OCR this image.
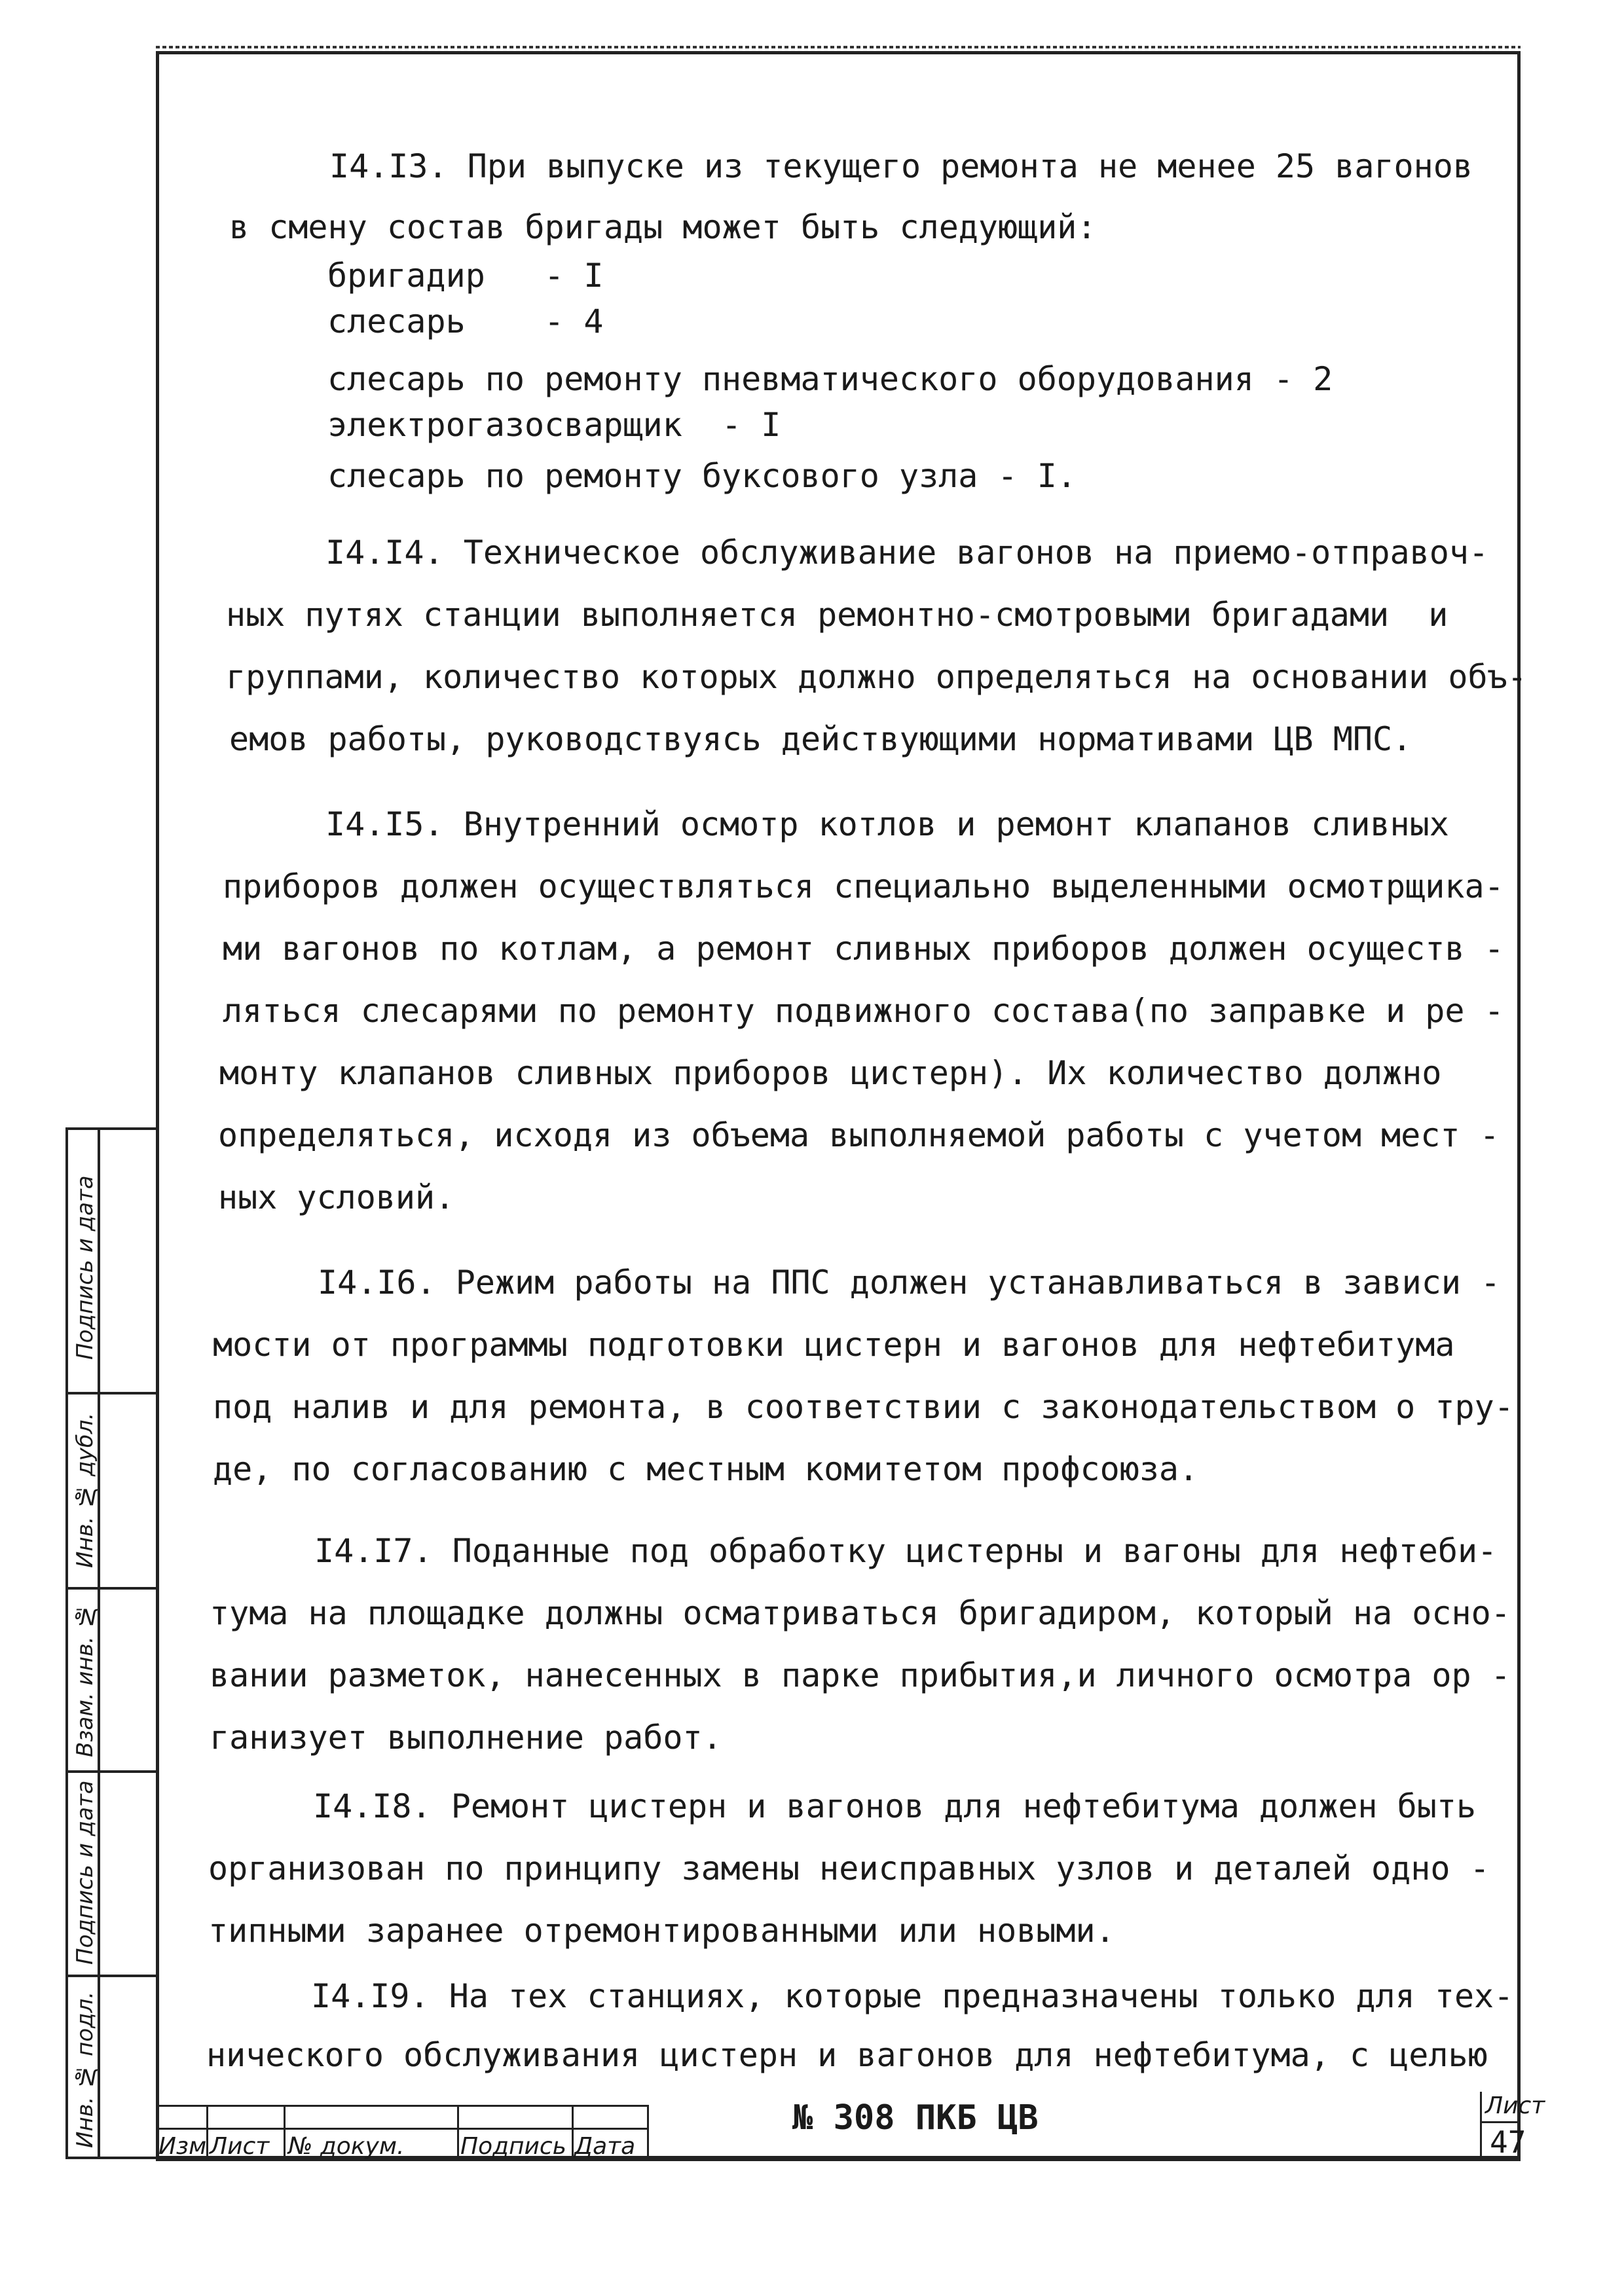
Подпись и дата
Инв. № дубл.
Взам. инв. №
Подпись и дата
Инв. № подл.
I4.I3. При выпуске из текущего ремонта не менее 25 вагонов
в смену состав бригады может быть следующий:
бригадир   - I
слесарь    - 4
слесарь по ремонту пневматического оборудования - 2
электрогазосварщик  - I
слесарь по ремонту буксового узла - I.
I4.I4. Техническое обслуживание вагонов на приемо-отправоч-
ных путях станции выполняется ремонтно-смотровыми бригадами  и
группами, количество которых должно определяться на основании объ-
емов работы, руководствуясь действующими нормативами ЦВ МПС.
I4.I5. Внутренний осмотр котлов и ремонт клапанов сливных
приборов должен осуществляться специально выделенными осмотрщика-
ми вагонов по котлам, а ремонт сливных приборов должен осуществ -
ляться слесарями по ремонту подвижного состава(по заправке и ре -
монту клапанов сливных приборов цистерн). Их количество должно
определяться, исходя из объема выполняемой работы с учетом мест -
ных условий.
I4.I6. Режим работы на ППС должен устанавливаться в зависи -
мости от программы подготовки цистерн и вагонов для нефтебитума
под налив и для ремонта, в соответствии с законодательством о тру-
де, по согласованию с местным комитетом профсоюза.
I4.I7. Поданные под обработку цистерны и вагоны для нефтеби-
тума на площадке должны осматриваться бригадиром, который на осно-
вании разметок, нанесенных в парке прибытия,и личного осмотра ор -
ганизует выполнение работ.
I4.I8. Ремонт цистерн и вагонов для нефтебитума должен быть
организован по принципу замены неисправных узлов и деталей одно -
типными заранее отремонтированными или новыми.
I4.I9. На тех станциях, которые предназначены только для тех-
нического обслуживания цистерн и вагонов для нефтебитума, с целью
Изм Лист № докум. Подпись Дата
№ 308 ПКБ ЦВ	Лист
47
